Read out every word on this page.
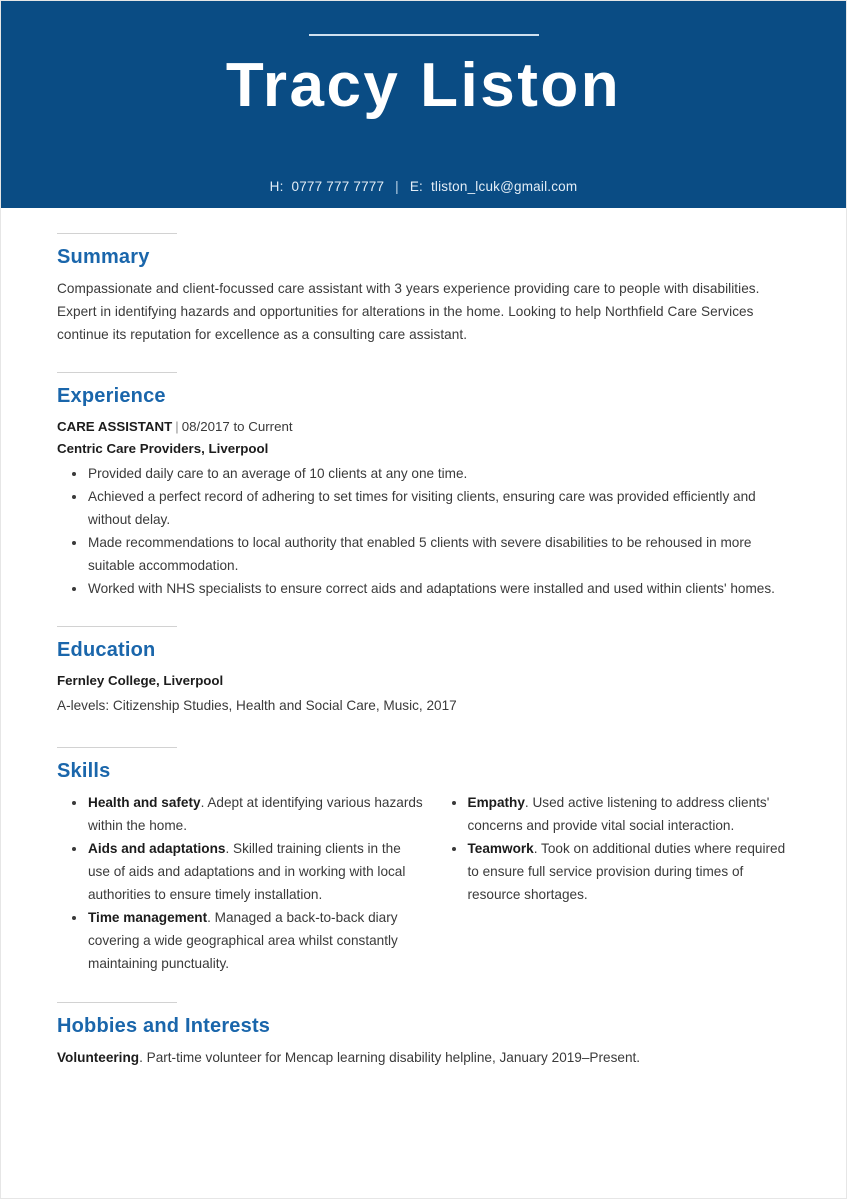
Tracy Liston
H: 0777 777 7777 | E: tliston_lcuk@gmail.com
Summary

Compassionate and client-focussed care assistant with 3 years experience providing care to people with disabilities. Expert in identifying hazards and opportunities for alterations in the home. Looking to help Northfield Care Services continue its reputation for excellence as a consulting care assistant.

Experience

CARE ASSISTANT | 08/2017 to Current

Centric Care Providers, Liverpool

Provided daily care to an average of 10 clients at any one time.
Achieved a perfect record of adhering to set times for visiting clients, ensuring care was provided efficiently and without delay.
Made recommendations to local authority that enabled 5 clients with severe disabilities to be rehoused in more suitable accommodation.
Worked with NHS specialists to ensure correct aids and adaptations were installed and used within clients' homes.
Education

Fernley College, Liverpool

A-levels: Citizenship Studies, Health and Social Care, Music, 2017

Skills
Health and safety. Adept at identifying various hazards within the home.
Aids and adaptations. Skilled training clients in the use of aids and adaptations and in working with local authorities to ensure timely installation.
Time management. Managed a back-to-back diary covering a wide geographical area whilst constantly maintaining punctuality.
Empathy. Used active listening to address clients' concerns and provide vital social interaction.
Teamwork. Took on additional duties where required to ensure full service provision during times of resource shortages.
Hobbies and Interests

Volunteering. Part-time volunteer for Mencap learning disability helpline, January 2019–Present.
